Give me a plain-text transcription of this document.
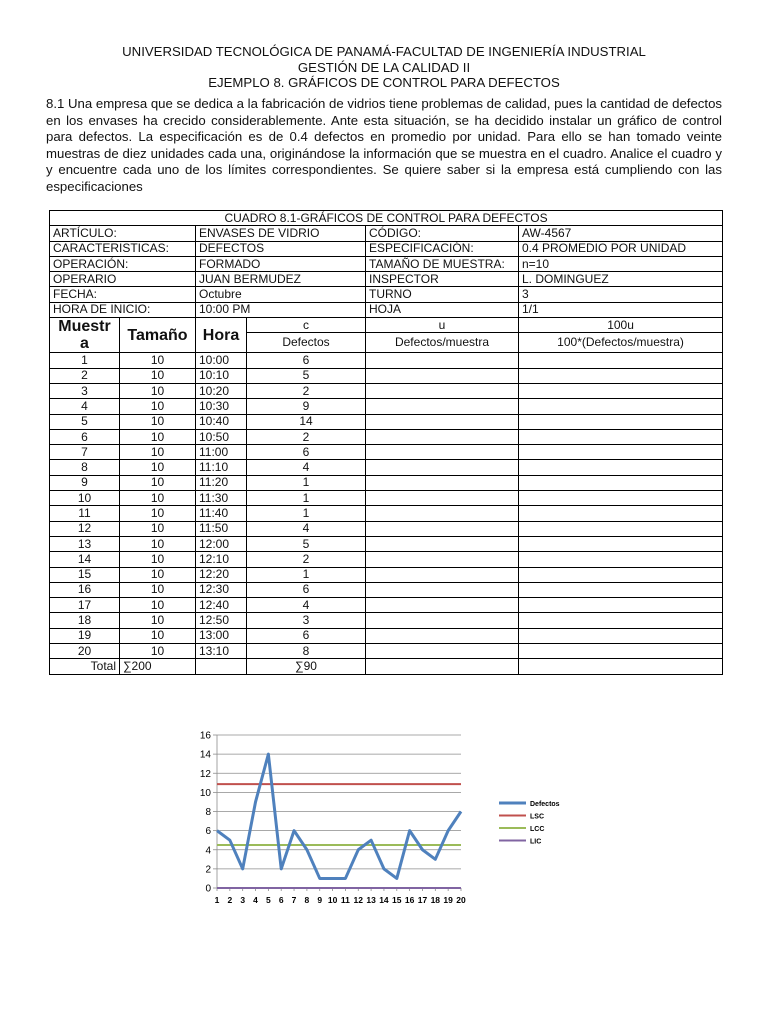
UNIVERSIDAD TECNOLÓGICA DE PANAMÁ-FACULTAD DE INGENIERÍA INDUSTRIAL
GESTIÓN DE LA CALIDAD II
EJEMPLO 8. GRÁFICOS DE CONTROL PARA DEFECTOS
8.1 Una empresa que se dedica a la fabricación de vidrios tiene problemas de calidad, pues la cantidad de defectos en los envases ha crecido considerablemente. Ante esta situación, se ha decidido instalar un gráfico de control para defectos. La especificación es de 0.4 defectos en promedio por unidad. Para ello se han tomado veinte muestras de diez unidades cada una, originándose la información que se muestra en el cuadro. Analice el cuadro y y encuentre cada uno de los límites correspondientes. Se quiere saber si la empresa está cumpliendo con las especificaciones
CUADRO 8.1-GRÁFICOS DE CONTROL PARA DEFECTOS					
ARTÍCULO:		ENVASES DE VIDRIO		CÓDIGO:	AW-4567
CARACTERISTICAS:		DEFECTOS		ESPECIFICACIÓN:	0.4 PROMEDIO POR UNIDAD
OPERACIÓN:		FORMADO		TAMAÑO DE MUESTRA:	n=10
OPERARIO		JUAN BERMUDEZ		INSPECTOR	L. DOMINGUEZ
FECHA:		Octubre		TURNO	3
HORA DE INICIO:		10:00 PM		HOJA	1/1
Muestr a	Tamaño	Hora	c	u	100u
			Defectos	Defectos/muestra	100*(Defectos/muestra)
1	10	10:00	6		
2	10	10:10	5		
3	10	10:20	2		
4	10	10:30	9		
5	10	10:40	14		
6	10	10:50	2		
7	10	11:00	6		
8	10	11:10	4		
9	10	11:20	1		
10	10	11:30	1		
11	10	11:40	1		
12	10	11:50	4		
13	10	12:00	5		
14	10	12:10	2		
15	10	12:20	1		
16	10	12:30	6		
17	10	12:40	4		
18	10	12:50	3		
19	10	13:00	6		
20	10	13:10	8		
Total	∑200		∑90		
0
2
4
6
8
10
12
14
16
1 2 3 4 5 6 7 8 9 10 11 12 13 14 15 16 17 18 19 20
Defectos
LSC
LCC
LIC
